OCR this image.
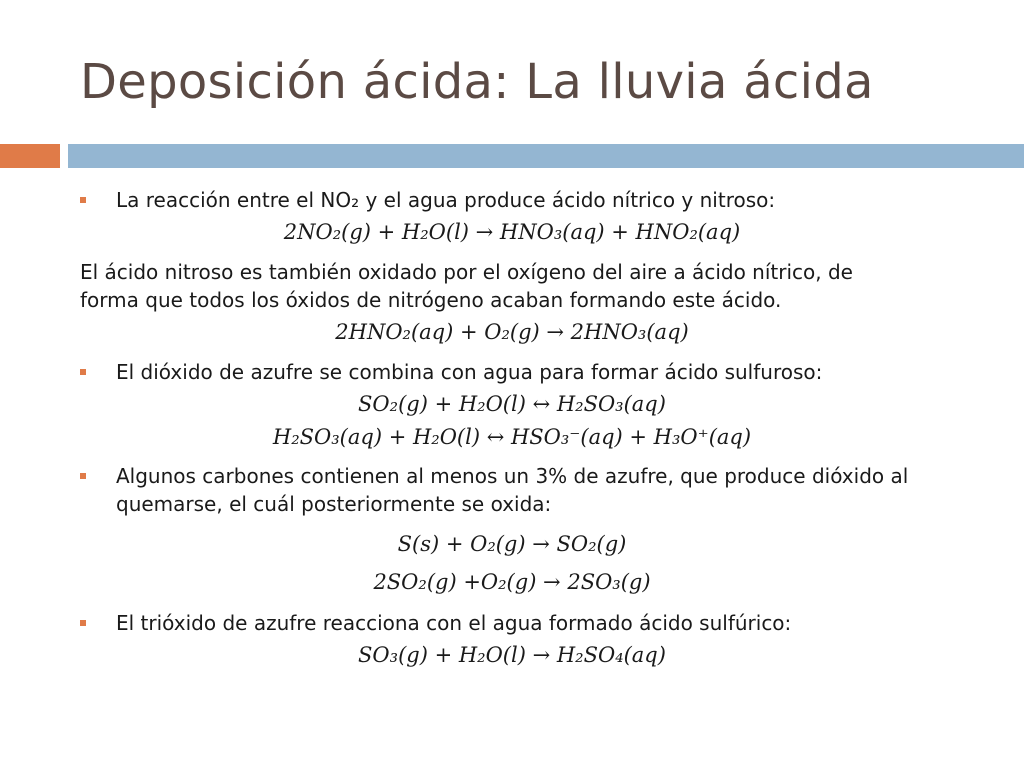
Deposición ácida: La lluvia ácida
La reacción entre el NO₂ y el agua produce ácido nítrico y nitroso:
2NO₂(g) + H₂O(l) → HNO₃(aq) + HNO₂(aq)
El ácido nitroso es también oxidado por el oxígeno del aire a ácido nítrico, de
forma que todos los óxidos de nitrógeno acaban formando este ácido.
2HNO₂(aq) + O₂(g) → 2HNO₃(aq)
El dióxido de azufre se combina con agua para formar ácido sulfuroso:
SO₂(g) + H₂O(l) ↔ H₂SO₃(aq)
H₂SO₃(aq) + H₂O(l) ↔ HSO₃⁻(aq) + H₃O⁺(aq)
Algunos carbones contienen al menos un 3% de azufre, que produce dióxido al
quemarse, el cuál posteriormente se oxida:
S(s) + O₂(g) → SO₂(g)
2SO₂(g) +O₂(g) → 2SO₃(g)
El trióxido de azufre reacciona con el agua formado ácido sulfúrico:
SO₃(g) + H₂O(l) → H₂SO₄(aq)
